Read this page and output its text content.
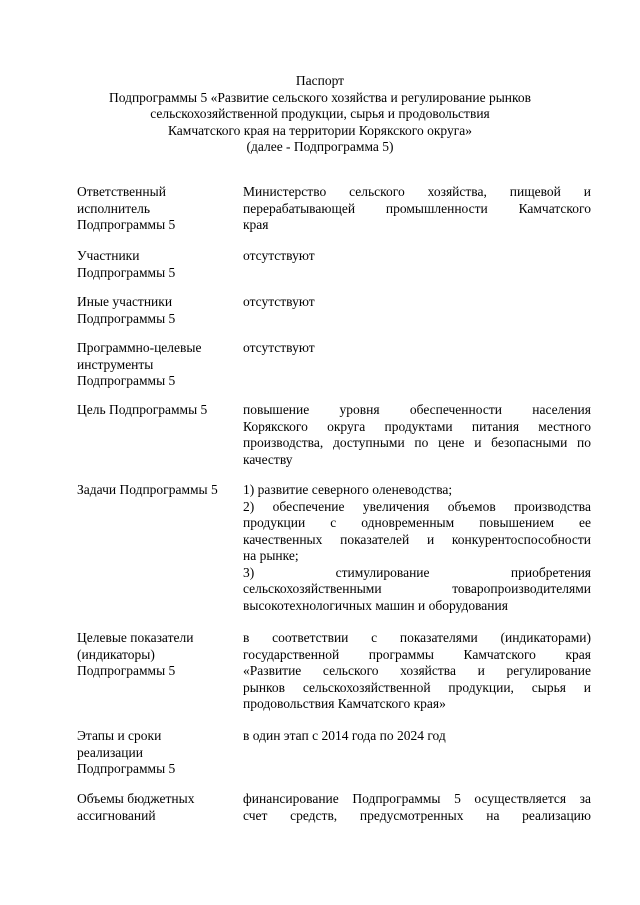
Паспорт
Подпрограммы 5 «Развитие сельского хозяйства и регулирование рынков
сельскохозяйственной продукции, сырья и продовольствия
Камчатского края на территории Корякского округа»
(далее - Подпрограмма 5)
Ответственный
исполнитель
Подпрограммы 5
Министерство сельского хозяйства, пищевой и
перерабатывающей промышленности Камчатского
края
Участники
Подпрограммы 5
отсутствуют
Иные участники
Подпрограммы 5
отсутствуют
Программно-целевые
инструменты
Подпрограммы 5
отсутствуют
Цель Подпрограммы 5	повышение уровня обеспеченности населения
Корякского округа продуктами питания местного
производства, доступными по цене и безопасными по
качеству
Задачи Подпрограммы 5	1) развитие северного оленеводства;
2) обеспечение увеличения объемов производства
продукции с одновременным повышением ее
качественных показателей и конкурентоспособности
на рынке;
3) стимулирование приобретения
сельскохозяйственными товаропроизводителями
высокотехнологичных машин и оборудования
Целевые показатели
(индикаторы)
Подпрограммы 5
в соответствии с показателями (индикаторами)
государственной программы Камчатского края
«Развитие сельского хозяйства и регулирование
рынков сельскохозяйственной продукции, сырья и
продовольствия Камчатского края»
Этапы и сроки
реализации
Подпрограммы 5
в один этап с 2014 года по 2024 год
Объемы бюджетных
ассигнований
финансирование Подпрограммы 5 осуществляется за
счет средств, предусмотренных на реализацию
